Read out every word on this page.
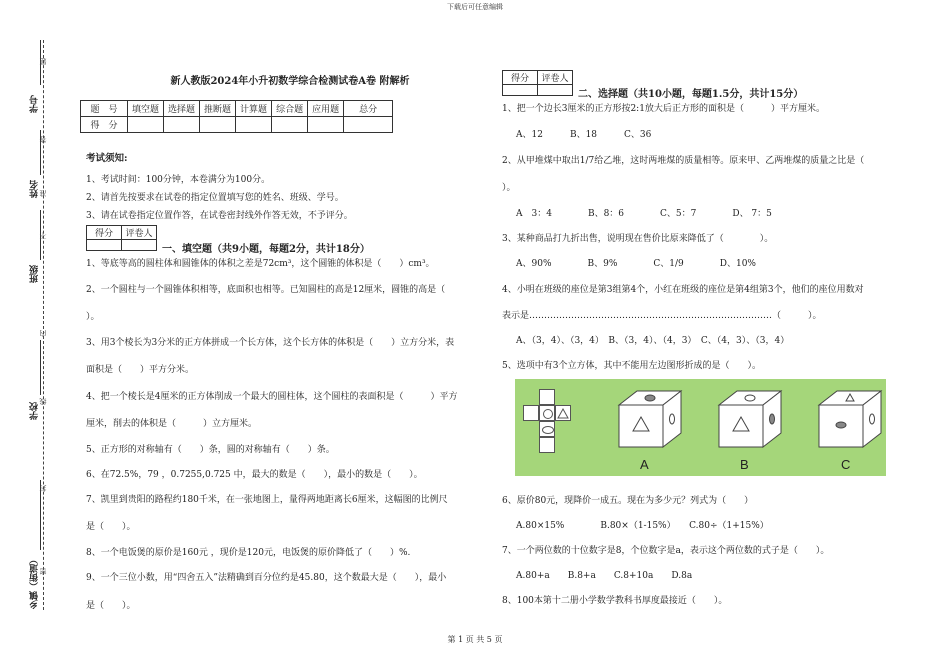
下载后可任意编辑
学号
姓名
班级
学校
乡镇（街道）
题
答
准
不
内
线
封
密
新人教版2024年小升初数学综合检测试卷A卷 附解析
题　号	填空题	选择题	推断题	计算题	综合题	应用题	总分
得　分							
考试须知:
1、考试时间：100分钟，本卷满分为100分。
2、请首先按要求在试卷的指定位置填写您的姓名、班级、学号。
3、请在试卷指定位置作答，在试卷密封线外作答无效，不予评分。
得分	评卷人

一、填空题（共9小题，每题2分，共计18分）
1、等底等高的圆柱体和圆锥体的体积之差是72cm³，这个圆锥的体积是（　　）cm³。
2、一个圆柱与一个圆锥体积相等，底面积也相等。已知圆柱的高是12厘米，圆锥的高是（
）。
3、用3个棱长为3分米的正方体拼成一个长方体，这个长方体的体积是（　　）立方分米，表
面积是（　　）平方分米。
4、把一个棱长是4厘米的正方体削成一个最大的圆柱体，这个圆柱的表面积是（　　　）平方
厘米，削去的体积是（　　　）立方厘米。
5、正方形的对称轴有（　　）条，圆的对称轴有（　　）条。
6、在72.5%，79 ，0.7255,0.725 中，最大的数是（　　），最小的数是（　　）。
7、凯里到贵阳的路程约180千米，在一张地图上，量得两地距离长6厘米，这幅图的比例尺
是（　　）。
8、一个电饭煲的原价是160元 ，现价是120元，电饭煲的原价降低了（　　）%.
9、一个三位小数，用“四舍五入”法精确到百分位约是45.80，这个数最大是（　　），最小
是（　　）。
得分	评卷人

二、选择题（共10小题，每题1.5分，共计15分）
1、把一个边长3厘米的正方形按2:1放大后正方形的面积是（　　　）平方厘米。
A、12　　　B、18　　　C、36
2、从甲堆煤中取出1/7给乙堆，这时两堆煤的质量相等。原来甲、乙两堆煤的质量之比是（
）。
A　3：4　　　　B、8：6　　　　C、5：7　　　　D、 7：5
3、某种商品打九折出售，说明现在售价比原来降低了（　　　　）。
A、90%　　　　B、9%　　　　C、1/9　　　　D、10%
4、小明在班级的座位是第3组第4个，小红在班级的座位是第4组第3个，他们的座位用数对
表示是………………………………………………………………………（　　　）。
A、（3，4）、（3，4）　B、（3，4）、（4，3）　C、（4，3）、（3，4）
5、选项中有3个立方体，其中不能用左边图形折成的是（　　）。
A	B	C
6、原价80元，现降价一成五。现在为多少元？列式为（　　）
A.80×15%　　　　B.80×（1-15%）　　C.80÷（1+15%）
7、一个两位数的十位数字是8，个位数字是a，表示这个两位数的式子是（　　）。
A.80+a　　B.8+a　　C.8+10a　　D.8a
8、100本第十二册小学数学教科书厚度最接近（　　）。
第 1 页 共 5 页
